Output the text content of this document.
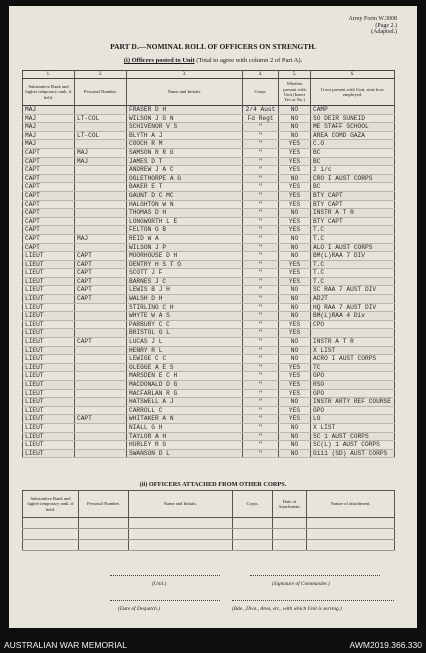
Army Form W.3008
(Page 2.)
(Adapted.)
PART D.—NOMINAL ROLL OF OFFICERS ON STRENGTH.
(i) Officers posted to Unit (Total to agree with column 2 of Part A).
1.	2.	3.	4.	5.	6.
Substantive Rank and higher temporary rank, if held.	Personal Number.	Name and Initials.	Corps.	Whether present with Unit (Insert Yes or No.)	If not present with Unit, state how employed.
MAJ		FRASER D H	2/4 Aust	NO	CAMP
MAJ	LT-COL	WILSON J G N	Fd Regt	NO	SO DEIR SUNEID
MAJ		SCHIVENOR V S	"	NO	ME STAFF SCHOOL
MAJ	LT-COL	BLYTH A J	"	NO	AREA COMD GAZA
MAJ		COOCH R M	"	YES	C.O
CAPT	MAJ	SAMSON R R G	"	YES	BC
CAPT	MAJ	JAMES D T	"	YES	BC
CAPT		ANDREW J A C	"	YES	2 i/c
CAPT		OGLETHORPE A G	"	NO	CRO I AUST CORPS
CAPT		BAKER E T	"	YES	BC
CAPT		GAUNT D C MC	"	YES	BTY CAPT
CAPT		HALGHTON W N	"	YES	BTY CAPT
CAPT		THOMAS D H	"	NO	INSTR A T R
CAPT		LONGWORTH L E	"	YES	BTY CAPT
CAPT		FELTON G B	"	YES	T.C
CAPT	MAJ	REID W A	"	NO	T.C
CAPT		WILSON J P	"	NO	ALO I AUST CORPS
LIEUT	CAPT	MOORHOUSE D H	"	NO	BM(L)RAA 7 DIV
LIEUT	CAPT	DENTRY H S T O	"	YES	T.C
LIEUT	CAPT	SCOTT J F	"	YES	T.C
LIEUT	CAPT	BARNES J C	"	YES	T.C
LIEUT	CAPT	LEWIS B J H	"	NO	SC RAA 7 AUST DIV
LIEUT	CAPT	WALSH D H	"	NO	ADJT
LIEUT		STIRLING C H	"	NO	HQ RAA 7 AUST DIV
LIEUT		WHYTE W A S	"	NO	BM(L)RAA 4 Div
LIEUT		PARBURY C C	"	YES	CPO
LIEUT		BRISTOL G L	"	YES	
LIEUT	CAPT	LUCAS J L	"	NO	INSTR A T R
LIEUT		HENRY R L	"	NO	X LIST
LIEUT		LEWIGE C C	"	NO	ACRO I AUST CORPS
LIEUT		GLEGGE A E S	"	YES	TC
LIEUT		MARSDEN E C H	"	YES	GPO
LIEUT		MACDONALD D G	"	YES	RSO
LIEUT		MACFARLAN R G	"	YES	GPO
LIEUT		HATSWELL A J	"	NO	INSTR ARTY REF COURSE
LIEUT		CARROLL C	"	YES	GPO
LIEUT	CAPT	WHITAKER A N	"	YES	LO
LIEUT		NIALL G H	"	NO	X LIST
LIEUT		TAYLOR A H	"	NO	SC 1 AUST CORPS
LIEUT		HURLEY R G	"	NO	SC(L) 1 AUST CORPS
LIEUT		SWANSON D L	"	NO	G111 (SD) AUST CORPS
(ii) OFFICERS ATTACHED FROM OTHER CORPS.
Substantive Rank and higher temporary rank, if held.	Personal Number.	Name and Initials.	Corps.	Date of Attachment.	Nature of attachment.

(Unit.)	(Signature of Commander.)
(Date of Despatch.)	(Bde., Divn., Area, etc., with which Unit is serving.)
AUSTRALIAN WAR MEMORIAL	AWM2019.366.330
